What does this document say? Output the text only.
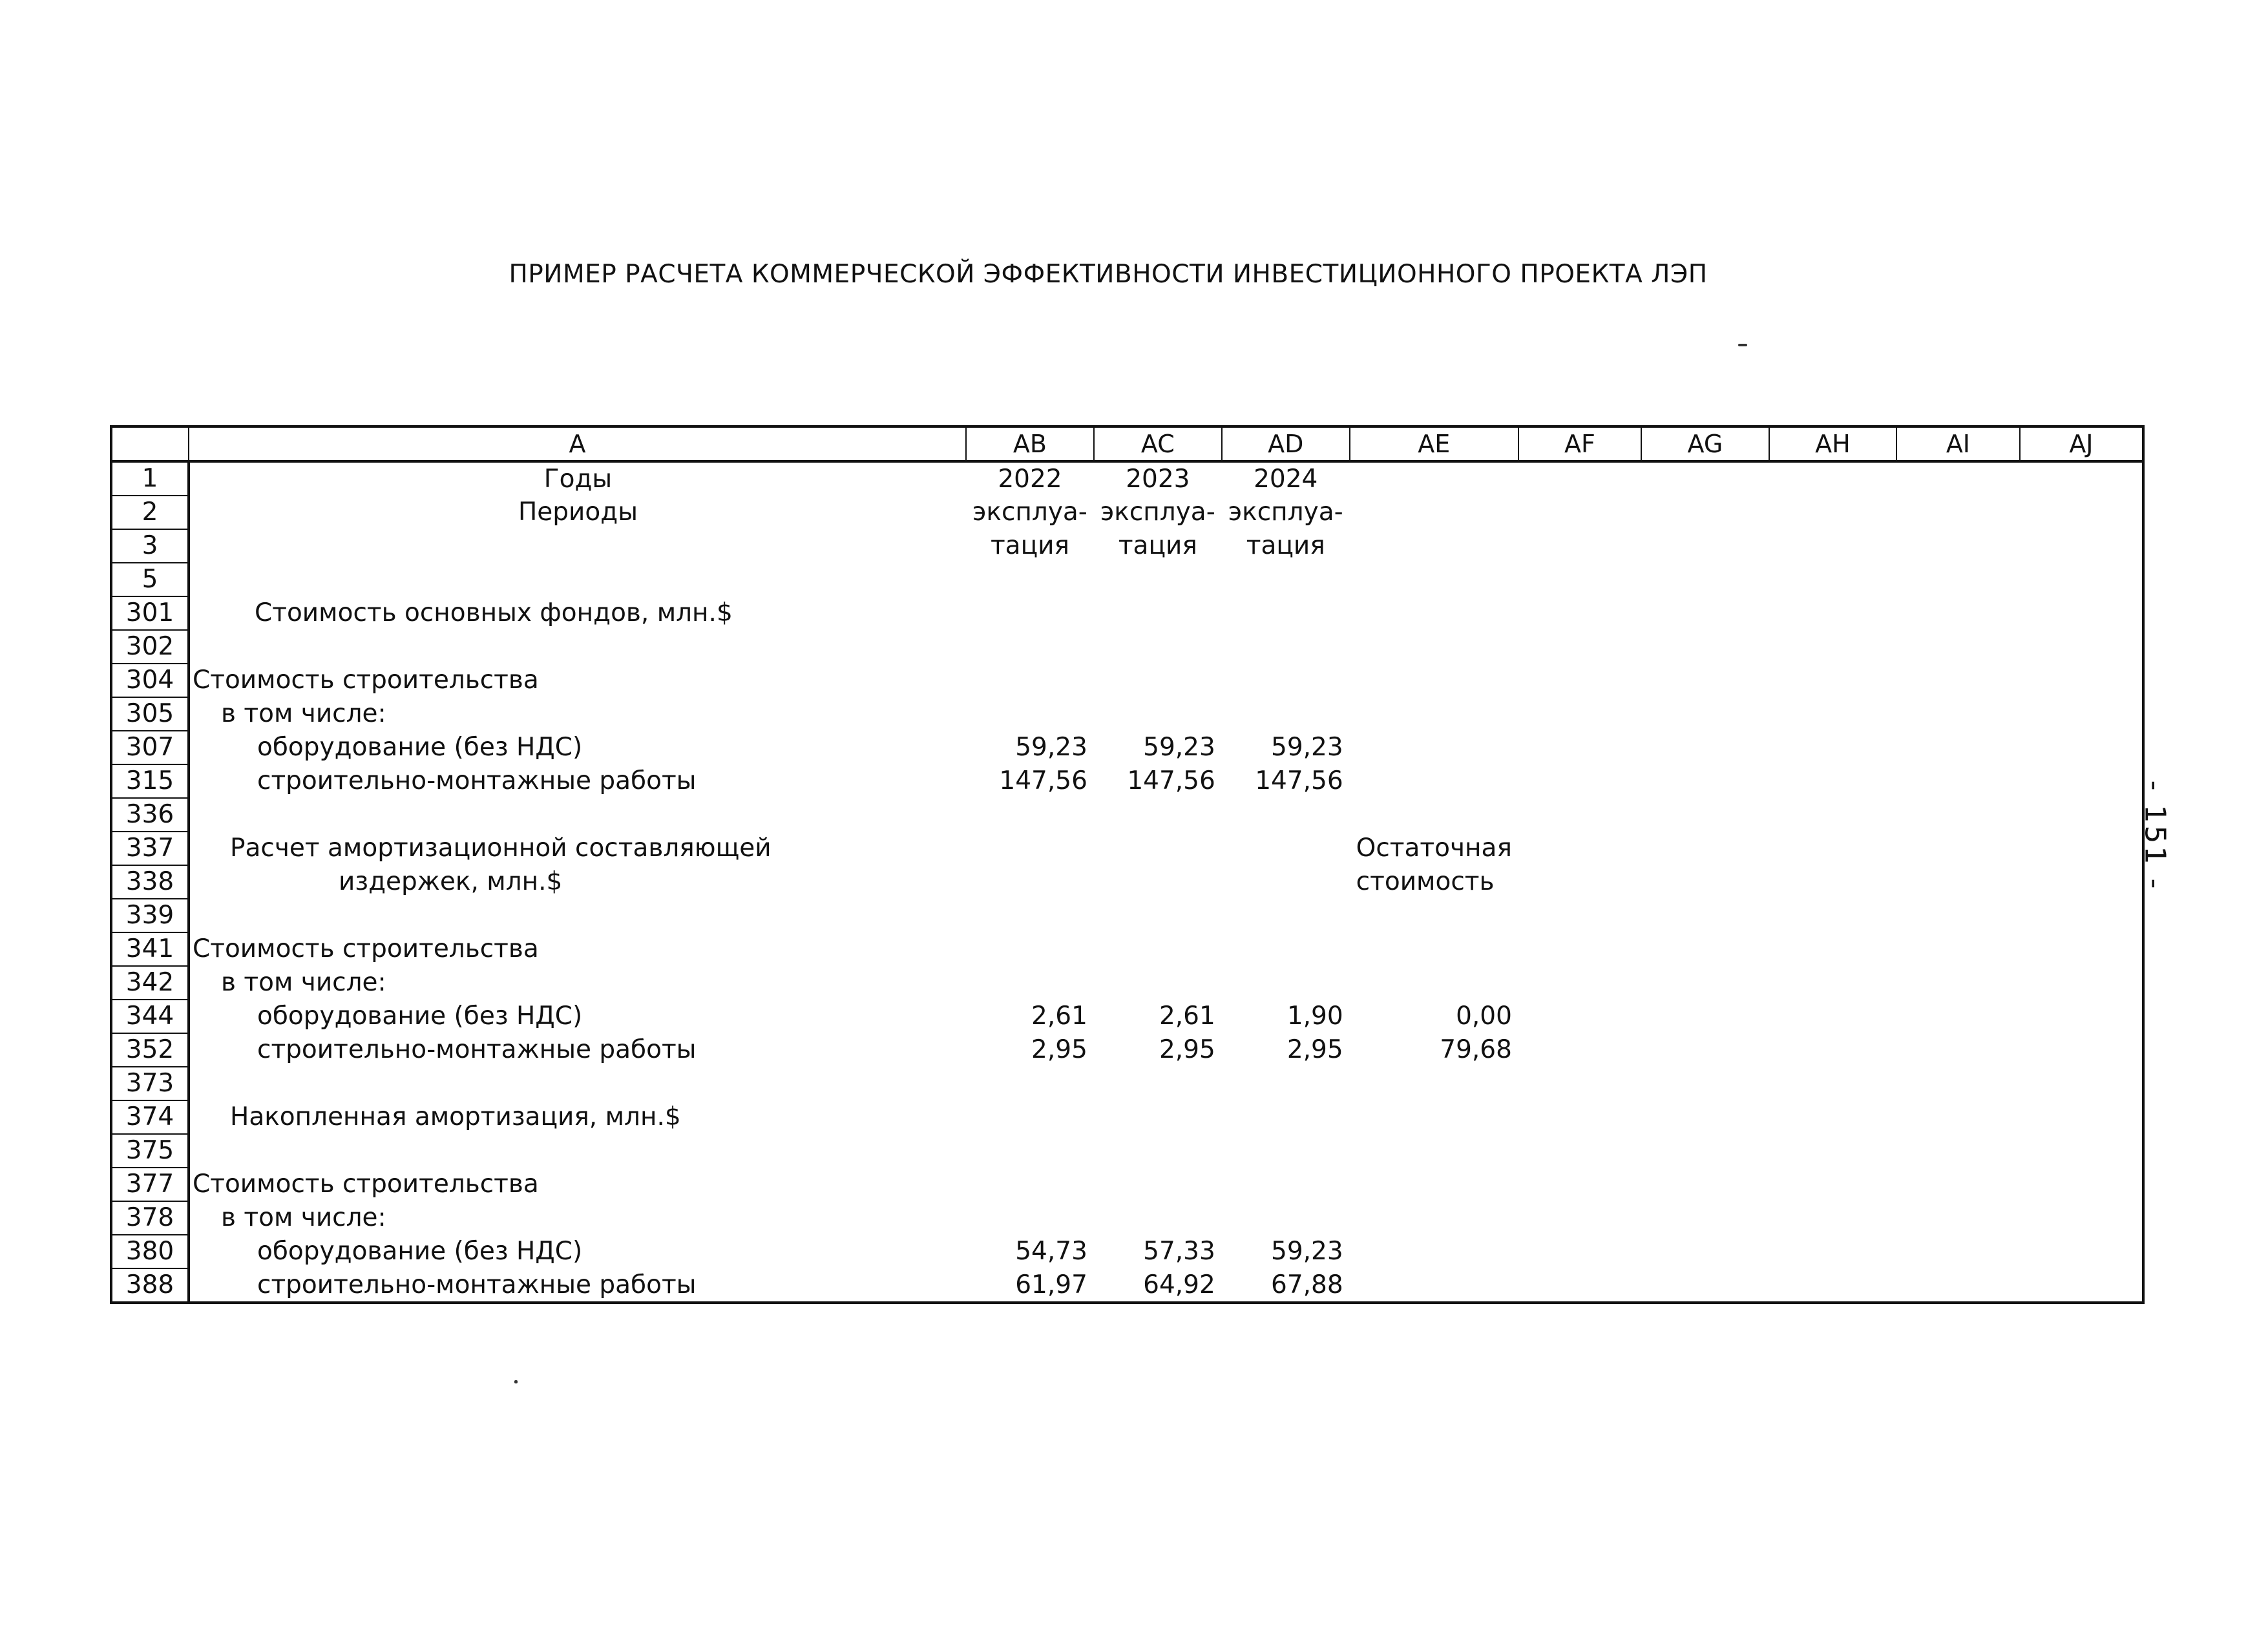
ПРИМЕР РАСЧЕТА КОММЕРЧЕСКОЙ ЭФФЕКТИВНОСТИ ИНВЕСТИЦИОННОГО ПРОЕКТА ЛЭП
- 151 -
	A	AB	AC	AD	AE	AF	AG	AH	AI	AJ
1	Годы	2022	2023	2024						
2	Периоды	эксплуа-	эксплуа-	эксплуа-						
3		тация	тация	тация						
5										
301	Стоимость основных фондов, млн.$									
302										
304	Стоимость строительства									
305	в том числе:									
307	оборудование (без НДС)	59,23	59,23	59,23						
315	строительно-монтажные работы	147,56	147,56	147,56						
336										
337	Расчет амортизационной составляющей				Остаточная					
338	издержек, млн.$				стоимость					
339										
341	Стоимость строительства									
342	в том числе:									
344	оборудование (без НДС)	2,61	2,61	1,90	0,00					
352	строительно-монтажные работы	2,95	2,95	2,95	79,68					
373										
374	Накопленная амортизация, млн.$									
375										
377	Стоимость строительства									
378	в том числе:									
380	оборудование (без НДС)	54,73	57,33	59,23						
388	строительно-монтажные работы	61,97	64,92	67,88						
